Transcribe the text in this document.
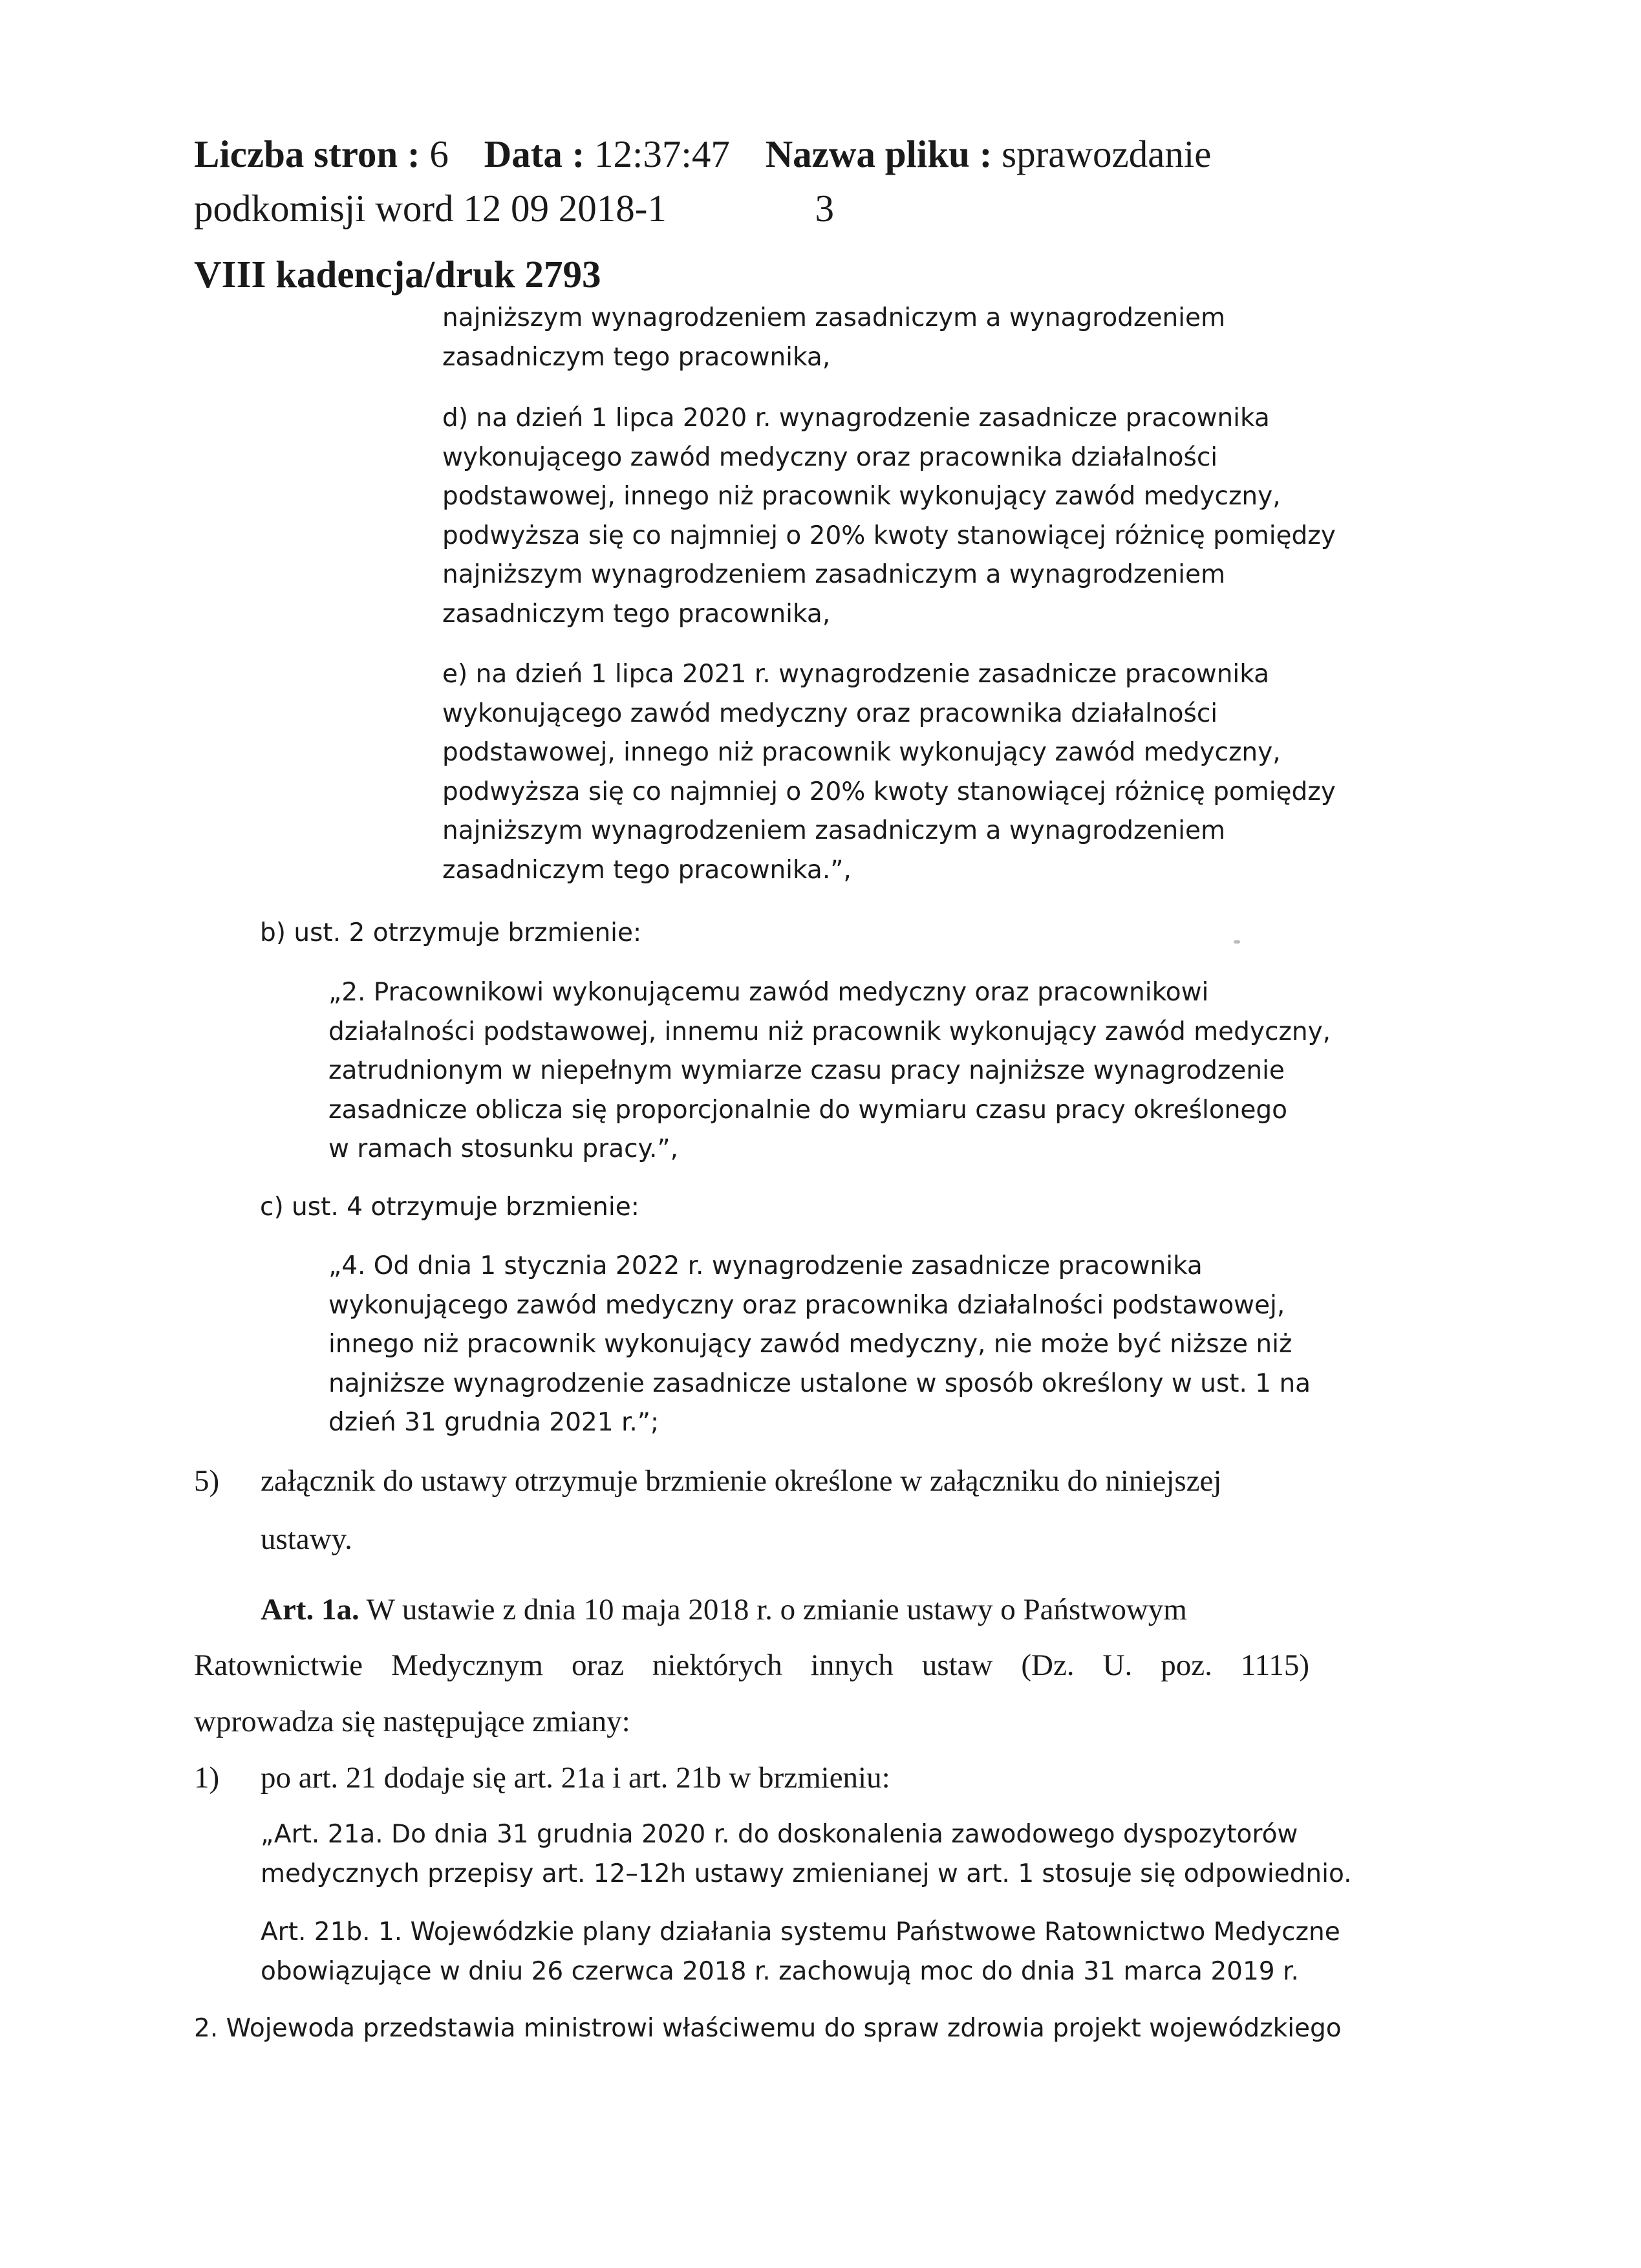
Liczba stron : 6 Data : 12:37:47 Nazwa pliku : sprawozdanie
podkomisji word 12 09 2018-1	3
VIII kadencja/druk 2793

najniższym wynagrodzeniem zasadniczym a wynagrodzeniem

zasadniczym tego pracownika,

d) na dzień 1 lipca 2020 r. wynagrodzenie zasadnicze pracownika

wykonującego zawód medyczny oraz pracownika działalności

podstawowej, innego niż pracownik wykonujący zawód medyczny,

podwyższa się co najmniej o 20% kwoty stanowiącej różnicę pomiędzy

najniższym wynagrodzeniem zasadniczym a wynagrodzeniem

zasadniczym tego pracownika,

e) na dzień 1 lipca 2021 r. wynagrodzenie zasadnicze pracownika

wykonującego zawód medyczny oraz pracownika działalności

podstawowej, innego niż pracownik wykonujący zawód medyczny,

podwyższa się co najmniej o 20% kwoty stanowiącej różnicę pomiędzy

najniższym wynagrodzeniem zasadniczym a wynagrodzeniem

zasadniczym tego pracownika.”,

b) ust. 2 otrzymuje brzmienie:

„2. Pracownikowi wykonującemu zawód medyczny oraz pracownikowi

działalności podstawowej, innemu niż pracownik wykonujący zawód medyczny,

zatrudnionym w niepełnym wymiarze czasu pracy najniższe wynagrodzenie

zasadnicze oblicza się proporcjonalnie do wymiaru czasu pracy określonego

w ramach stosunku pracy.”,

c) ust. 4 otrzymuje brzmienie:

„4. Od dnia 1 stycznia 2022 r. wynagrodzenie zasadnicze pracownika

wykonującego zawód medyczny oraz pracownika działalności podstawowej,

innego niż pracownik wykonujący zawód medyczny, nie może być niższe niż

najniższe wynagrodzenie zasadnicze ustalone w sposób określony w ust. 1 na

dzień 31 grudnia 2021 r.”;

5) załącznik do ustawy otrzymuje brzmienie określone w załączniku do niniejszej
ustawy.
Art. 1a. W ustawie z dnia 10 maja 2018 r. o zmianie ustawy o Państwowym
Ratownictwie Medycznym oraz niektórych innych ustaw (Dz. U. poz. 1115)
wprowadza się następujące zmiany:
1) po art. 21 dodaje się art. 21a i art. 21b w brzmieniu:

„Art. 21a. Do dnia 31 grudnia 2020 r. do doskonalenia zawodowego dyspozytorów

medycznych przepisy art. 12–12h ustawy zmienianej w art. 1 stosuje się odpowiednio.

Art. 21b. 1. Wojewódzkie plany działania systemu Państwowe Ratownictwo Medyczne

obowiązujące w dniu 26 czerwca 2018 r. zachowują moc do dnia 31 marca 2019 r.

2. Wojewoda przedstawia ministrowi właściwemu do spraw zdrowia projekt wojewódzkiego
